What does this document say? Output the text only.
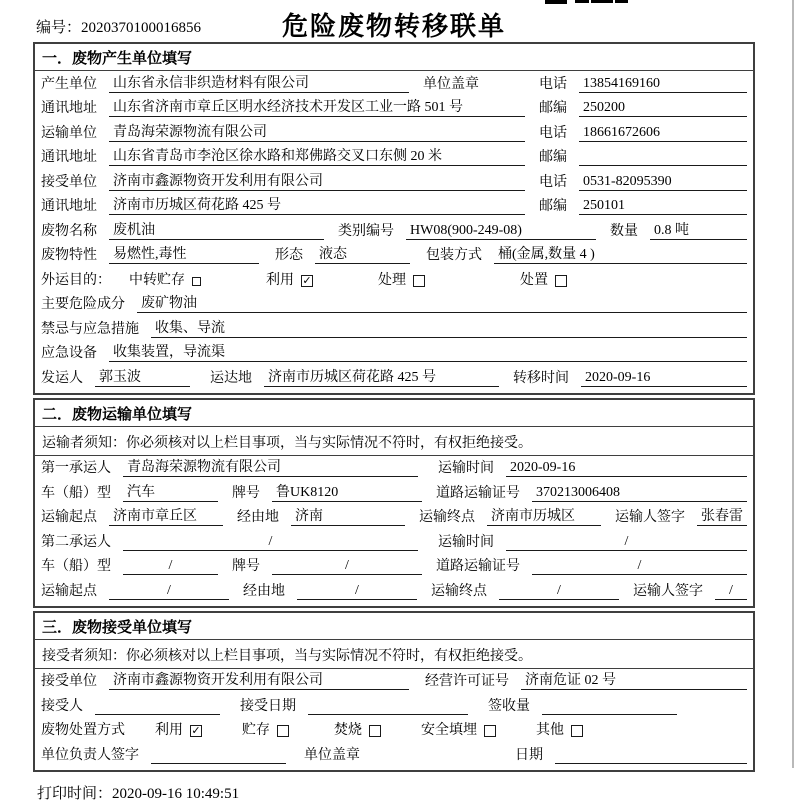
编号：2020370100016856	危险废物转移联单
一．废物产生单位填写
产生单位 山东省永信非织造材料有限公司	单位盖章	电话 13854169160
通讯地址 山东省济南市章丘区明水经济技术开发区工业一路 501 号	邮编 250200
运输单位 青岛海荣源物流有限公司	电话 18661672606
通讯地址 山东省青岛市李沧区徐水路和郑佛路交叉口东侧 20 米	邮编
接受单位 济南市鑫源物资开发利用有限公司	电话 0531-82095390
通讯地址 济南市历城区荷花路 425 号	邮编 250101
废物名称 废机油	类别编号 HW08(900-249-08)	数量 0.8 吨
废物特性 易燃性,毒性	形态 液态	包装方式 桶(金属,数量 4 )
外运目的： 中转贮存	利用 ✓	处理	处置
主要危险成分 废矿物油
禁忌与应急措施 收集、导流
应急设备 收集装置，导流渠
发运人 郭玉波	运达地 济南市历城区荷花路 425 号	转移时间 2020-09-16
二．废物运输单位填写
运输者须知：你必须核对以上栏目事项，当与实际情况不符时，有权拒绝接受。
第一承运人 青岛海荣源物流有限公司	运输时间 2020-09-16
车（船）型 汽车	牌号 鲁UK8120	道路运输证号 370213006408
运输起点 济南市章丘区	经由地 济南	运输终点 济南市历城区	运输人签字 张春雷
第二承运人	/	运输时间	/
车（船）型	/	牌号	/	道路运输证号	/
运输起点	/	经由地	/	运输终点	/	运输人签字	/
三．废物接受单位填写
接受者须知：你必须核对以上栏目事项，当与实际情况不符时，有权拒绝接受。
接受单位 济南市鑫源物资开发利用有限公司	经营许可证号 济南危证 02 号
接受人	接受日期	签收量
废物处置方式 利用 ✓	贮存	焚烧	安全填埋	其他
单位负责人签字	单位盖章	日期
打印时间：2020-09-16 10:49:51
